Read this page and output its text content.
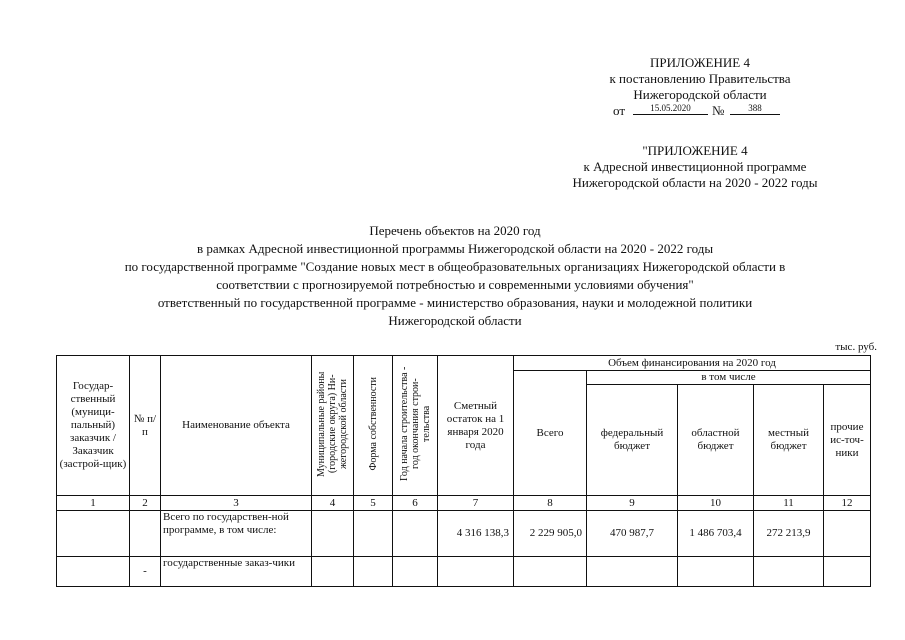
ПРИЛОЖЕНИЕ 4
к постановлению Правительства
Нижегородской области
от	15.05.2020	№	388
"ПРИЛОЖЕНИЕ 4
к Адресной инвестиционной программе
Нижегородской области на 2020 - 2022 годы
Перечень объектов на 2020 год
в рамках Адресной инвестиционной программы Нижегородской области на 2020 - 2022 годы
по государственной программе "Создание новых мест в общеобразовательных организациях Нижегородской области в
соответствии с прогнозируемой потребностью и современными условиями обучения"
ответственный по государственной программе - министерство образования, науки и молодежной политики
Нижегородской области
тыс. руб.
Государ-ственный (муници-пальный) заказчик / Заказчик (застрой-щик)	№ п/п	Наименование объекта	Муниципальные районы (городские округа) Ни-жегородской области	Форма собственности	Год начала строительства - год окончания строи-тельства	Сметный остаток на 1 января 2020 года	Объем финансирования на 2020 год				
							Всего	в том числе			
								федеральный бюджет	областной бюджет	местный бюджет	прочие ис-точ-ники
1	2	3	4	5	6	7	8	9	10	11	12
		Всего по государствен-ной программе, в том числе:				4 316 138,3	2 229 905,0	470 987,7	1 486 703,4	272 213,9	
	-	государственные заказ-чики									
